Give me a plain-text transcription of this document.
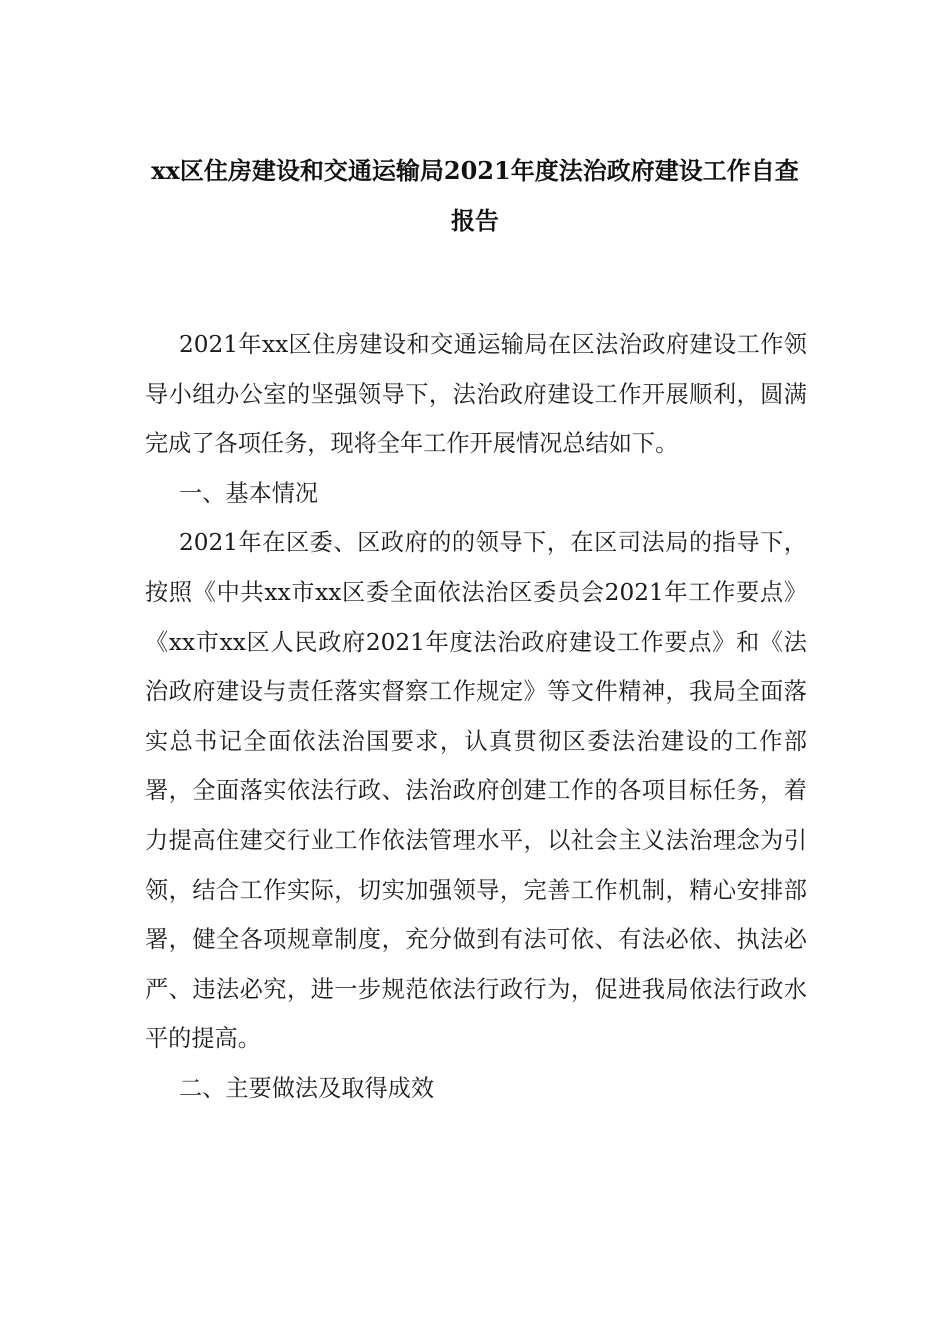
xx区住房建设和交通运输局2021年度法治政府建设工作自查报告

2021年xx区住房建设和交通运输局在区法治政府建设工作领导小组办公室的坚强领导下，法治政府建设工作开展顺利，圆满完成了各项任务，现将全年工作开展情况总结如下。

一、基本情况

2021年在区委、区政府的的领导下，在区司法局的指导下，按照《中共xx市xx区委全面依法治区委员会2021年工作要点》《xx市xx区人民政府2021年度法治政府建设工作要点》和《法治政府建设与责任落实督察工作规定》等文件精神，我局全面落实总书记全面依法治国要求，认真贯彻区委法治建设的工作部署，全面落实依法行政、法治政府创建工作的各项目标任务，着力提高住建交行业工作依法管理水平，以社会主义法治理念为引领，结合工作实际，切实加强领导，完善工作机制，精心安排部署，健全各项规章制度，充分做到有法可依、有法必依、执法必严、违法必究，进一步规范依法行政行为，促进我局依法行政水平的提高。

二、主要做法及取得成效
